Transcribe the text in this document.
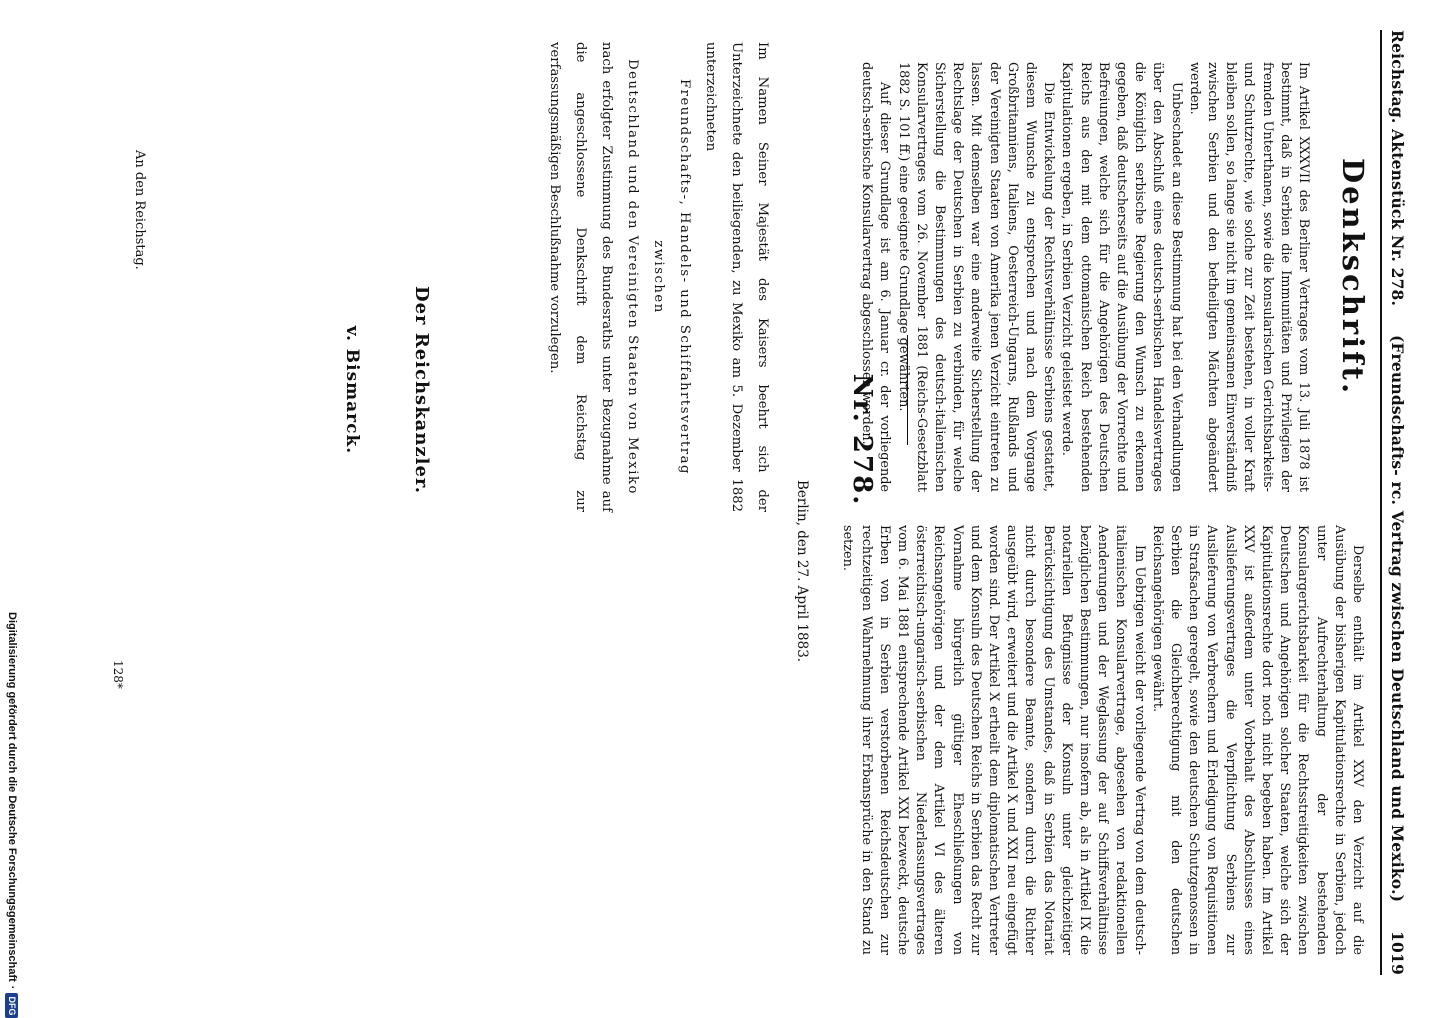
Reichstag. Aktenstück Nr. 278.
(Freundschafts- rc. Vertrag zwischen Deutschland und Mexiko.)
1019
Denkschrift.

Im Artikel XXXVII des Berliner Vertrages vom 13. Juli 1878 ist bestimmt, daß in Serbien die Immunitäten und Privilegien der fremden Unterthanen, sowie die konsularischen Gerichtsbarkeits- und Schutzrechte, wie solche zur Zeit bestehen, in voller Kraft bleiben sollen, so lange sie nicht im gemeinsamen Einverständniß zwischen Serbien und den betheiligten Mächten abgeändert werden.

Unbeschadet an diese Bestimmung hat bei den Verhandlungen über den Abschluß eines deutsch-serbischen Handelsvertrages die Königlich serbische Regierung den Wunsch zu erkennen gegeben, daß deutscherseits auf die Ausübung der Vorrechte und Befreiungen, welche sich für die Angehörigen des Deutschen Reichs aus den mit dem ottomanischen Reich bestehenden Kapitulationen ergeben, in Serbien Verzicht geleistet werde.

Die Entwickelung der Rechtsverhältnisse Serbiens gestattet, diesem Wunsche zu entsprechen und nach dem Vorgange Großbritanniens, Italiens, Oesterreich-Ungarns, Rußlands und der Vereinigten Staaten von Amerika jenen Verzicht eintreten zu lassen. Mit demselben war eine anderweite Sicherstellung der Rechtslage der Deutschen in Serbien zu verbinden, für welche Sicherstellung die Bestimmungen des deutsch-italienischen Konsularvertrages vom 26. November 1881 (Reichs-Gesetzblatt 1882 S. 101 ff.) eine geeignete Grundlage gewährten.

Auf dieser Grundlage ist am 6. Januar cr. der vorliegende deutsch-serbische Konsularvertrag abgeschlossen worden.

Derselbe enthält im Artikel XXV den Verzicht auf die Ausübung der bisherigen Kapitulationsrechte in Serbien, jedoch unter Aufrechterhaltung der bestehenden Konsulargerichtsbarkeit für die Rechtsstreitigkeiten zwischen Deutschen und Angehörigen solcher Staaten, welche sich der Kapitulationsrechte dort noch nicht begeben haben. Im Artikel XXV ist außerdem unter Vorbehalt des Abschlusses eines Auslieferungsvertrages die Verpflichtung Serbiens zur Auslieferung von Verbrechern und Erledigung von Requisitionen in Strafsachen geregelt, sowie den deutschen Schutzgenossen in Serbien die Gleichberechtigung mit den deutschen Reichsangehörigen gewährt.

Im Uebrigen weicht der vorliegende Vertrag von dem deutsch-italienischen Konsularvertrage, abgesehen von redaktionellen Aenderungen und der Weglassung der auf Schiffsverhältnisse bezüglichen Bestimmungen, nur insofern ab, als in Artikel IX die notariellen Befugnisse der Konsuln unter gleichzeitiger Berücksichtigung des Umstandes, daß in Serbien das Notariat nicht durch besondere Beamte, sondern durch die Richter ausgeübt wird, erweitert und die Artikel X und XXI neu eingefügt worden sind. Der Artikel X ertheilt dem diplomatischen Vertreter und dem Konsuln des Deutschen Reichs in Serbien das Recht zur Vornahme bürgerlich gültiger Eheschließungen von Reichsangehörigen und der dem Artikel VI des älteren österreichisch-ungarisch-serbischen Niederlassungsvertrages vom 6. Mai 1881 entsprechende Artikel XXI bezweckt, deutsche Erben von in Serbien verstorbenen Reichsdeutschen zur rechtzeitigen Wahrnehmung ihrer Erbansprüche in den Stand zu setzen.

Nr. 278.
Berlin, den 27. April 1883.

Im Namen Seiner Majestät des Kaisers beehrt sich der Unterzeichnete den beiliegenden, zu Mexiko am 5. Dezember 1882 unterzeichneten

Freundschafts-, Handels- und Schiffahrtsvertrag zwischen

Deutschland und den Vereinigten Staaten von Mexiko

nach erfolgter Zustimmung des Bundesraths unter Bezugnahme auf die angeschlossene Denkschrift dem Reichstag zur verfassungsmäßigen Beschlußnahme vorzulegen.

Der Reichskanzler.
v. Bismarck.
An den Reichstag.
128*
Digitalisierung gefördert durch die Deutsche Forschungsgemeinschaft
·
DFG
